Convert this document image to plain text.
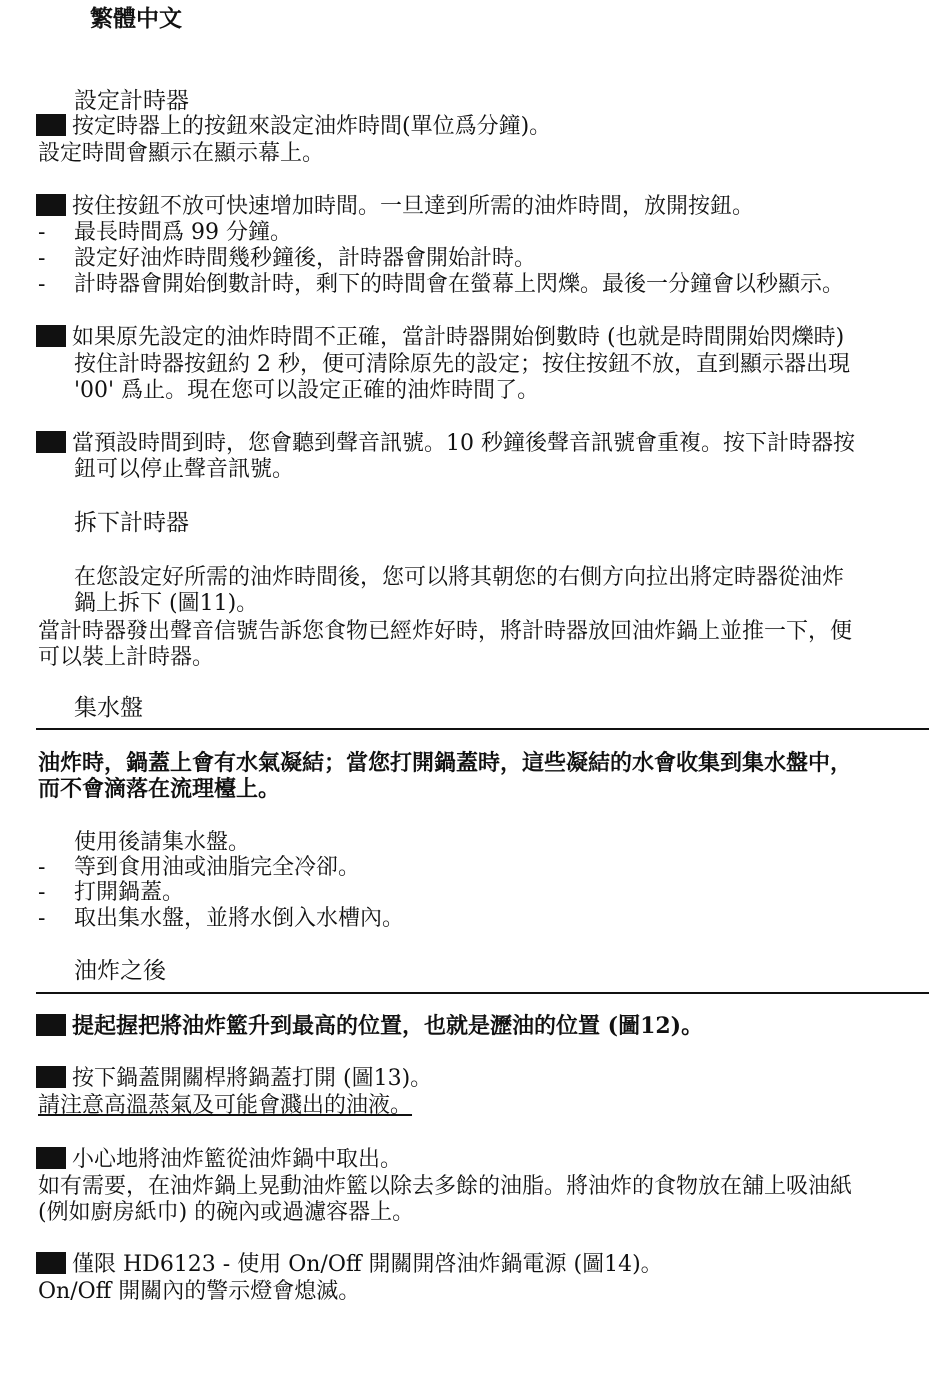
繁體中文
設定計時器
按定時器上的按鈕來設定油炸時間(單位爲分鐘)。
設定時間會顯示在顯示幕上。
按住按鈕不放可快速增加時間。一旦達到所需的油炸時間，放開按鈕。
- 最長時間爲 99 分鐘。
- 設定好油炸時間幾秒鐘後，計時器會開始計時。
- 計時器會開始倒數計時，剩下的時間會在螢幕上閃爍。最後一分鐘會以秒顯示。
如果原先設定的油炸時間不正確，當計時器開始倒數時 (也就是時間開始閃爍時)
按住計時器按鈕約 2 秒，便可清除原先的設定；按住按鈕不放，直到顯示器出現
'00' 爲止。現在您可以設定正確的油炸時間了。
當預設時間到時，您會聽到聲音訊號。10 秒鐘後聲音訊號會重複。按下計時器按
鈕可以停止聲音訊號。
拆下計時器
在您設定好所需的油炸時間後，您可以將其朝您的右側方向拉出將定時器從油炸
鍋上拆下 (圖11)。
當計時器發出聲音信號告訴您食物已經炸好時，將計時器放回油炸鍋上並推一下，便
可以裝上計時器。
集水盤
油炸時，鍋蓋上會有水氣凝結；當您打開鍋蓋時，這些凝結的水會收集到集水盤中，
而不會滴落在流理檯上。
使用後請集水盤。
- 等到食用油或油脂完全冷卻。
- 打開鍋蓋。
- 取出集水盤，並將水倒入水槽內。
油炸之後
提起握把將油炸籃升到最高的位置，也就是瀝油的位置 (圖12)。
按下鍋蓋開關桿將鍋蓋打開 (圖13)。
請注意高溫蒸氣及可能會濺出的油液。
小心地將油炸籃從油炸鍋中取出。
如有需要，在油炸鍋上晃動油炸籃以除去多餘的油脂。將油炸的食物放在舖上吸油紙
(例如廚房紙巾) 的碗內或過濾容器上。
僅限 HD6123 - 使用 On/Off 開關開啓油炸鍋電源 (圖14)。
On/Off 開關內的警示燈會熄滅。
